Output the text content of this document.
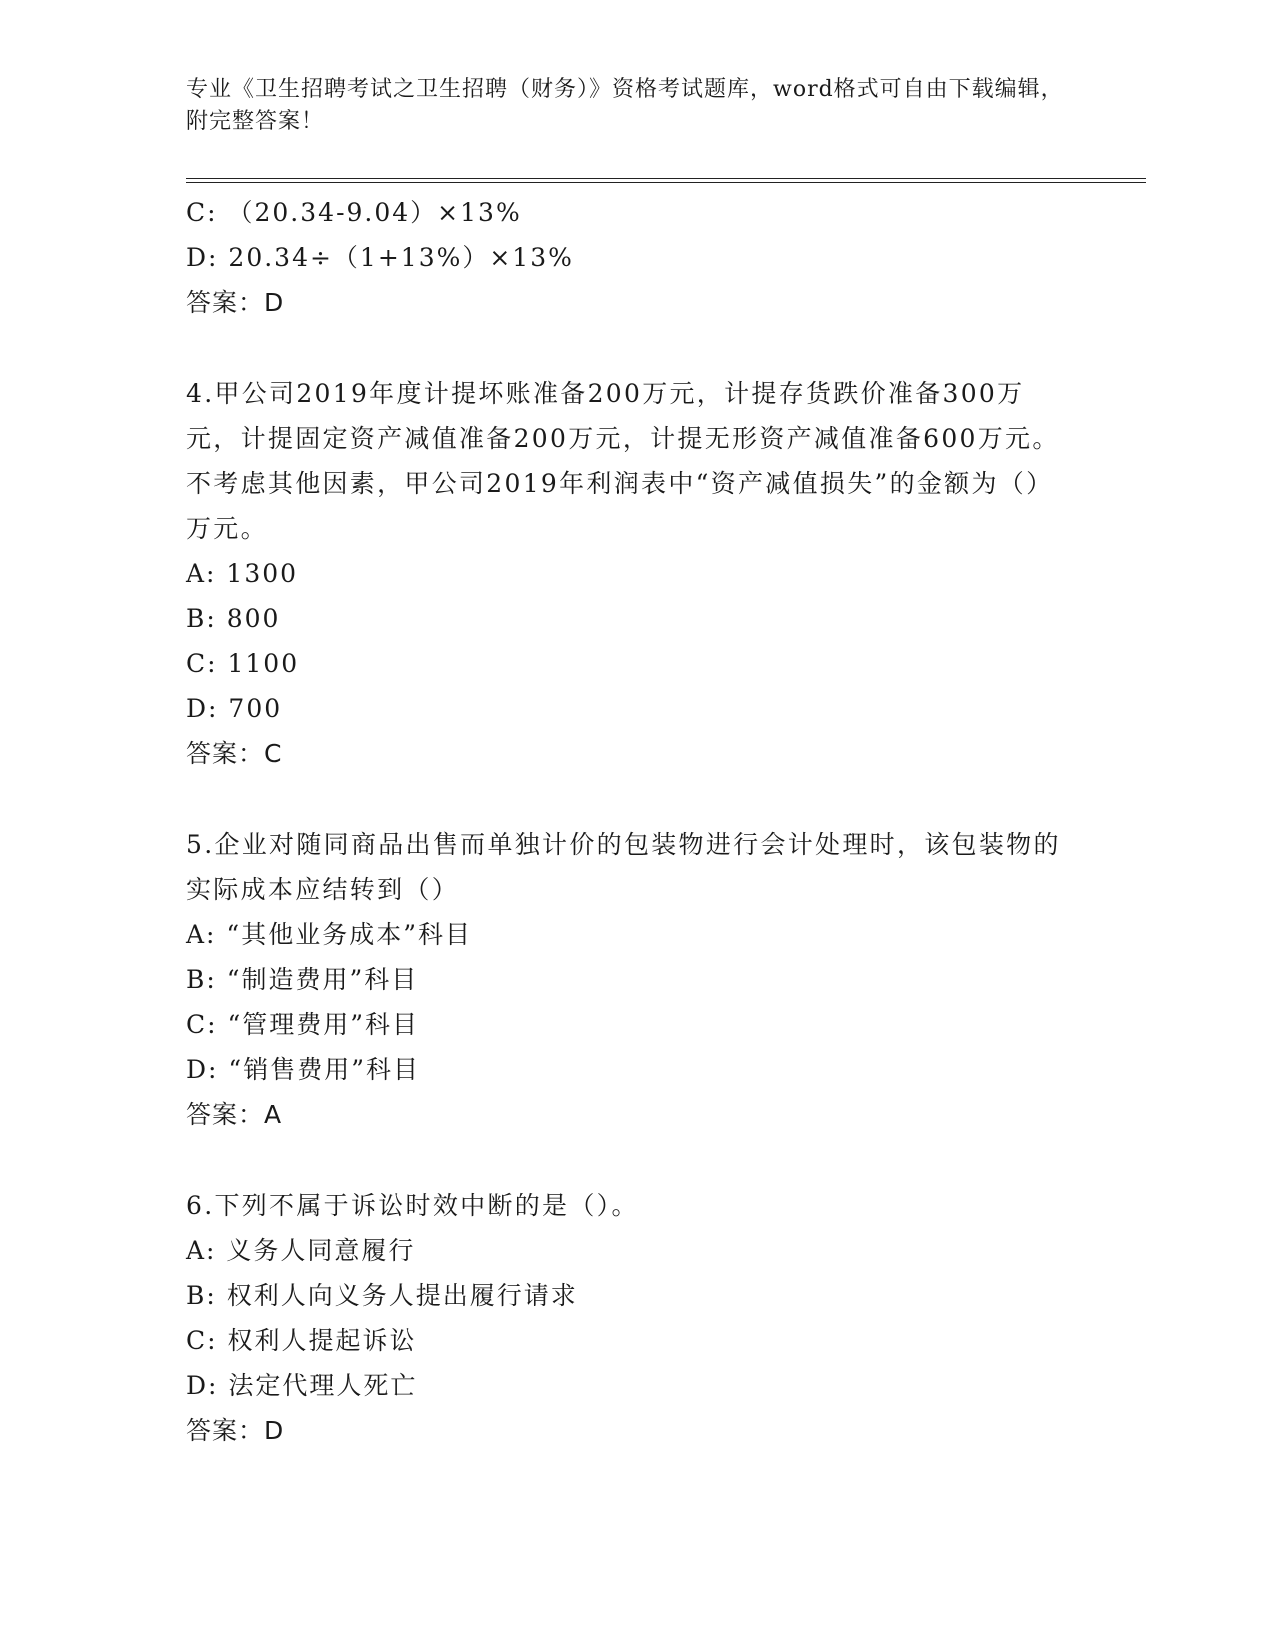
专业《卫生招聘考试之卫生招聘（财务）》资格考试题库，word格式可自由下载编辑，附完整答案！
C: （20.34-9.04）×13%
D: 20.34÷（1+13%）×13%
答案：D
4.甲公司2019年度计提坏账准备200万元，计提存货跌价准备300万元，计提固定资产减值准备200万元，计提无形资产减值准备600万元。不考虑其他因素，甲公司2019年利润表中“资产减值损失”的金额为（）万元。
A: 1300
B: 800
C: 1100
D: 700
答案：C
5.企业对随同商品出售而单独计价的包装物进行会计处理时，该包装物的实际成本应结转到（）
A: “其他业务成本”科目
B: “制造费用”科目
C: “管理费用”科目
D: “销售费用”科目
答案：A
6.下列不属于诉讼时效中断的是（）。
A: 义务人同意履行
B: 权利人向义务人提出履行请求
C: 权利人提起诉讼
D: 法定代理人死亡
答案：D
